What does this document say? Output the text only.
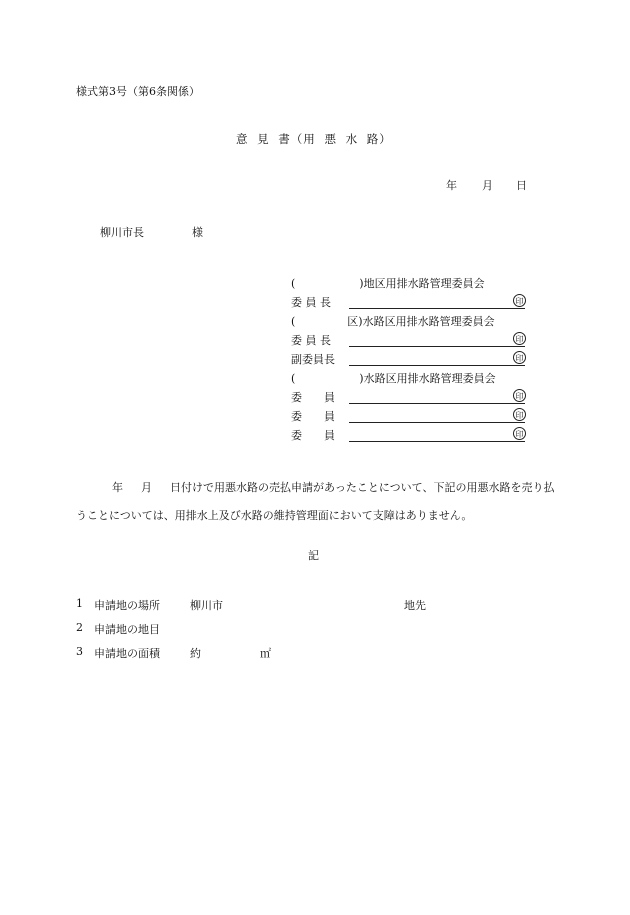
様式第3号（第6条関係）
意 見 書（用 悪 水 路）
年 月 日
柳川市長	様
(	)地区用排水路管理委員会
委 員 長	印
(	区)水路区用排水路管理委員会
委 員 長	印
副委員長	印
(	)水路区用排水路管理委員会
委　　員	印
委　　員	印
委　　員	印
年 月 日付けで用悪水路の売払申請があったことについて、下記の用悪水路を売り払うことについては、用排水上及び水路の維持管理面において支障はありません。
記
1 申請地の場所	柳川市	地先
2 申請地の地目
3 申請地の面積	約	㎡
